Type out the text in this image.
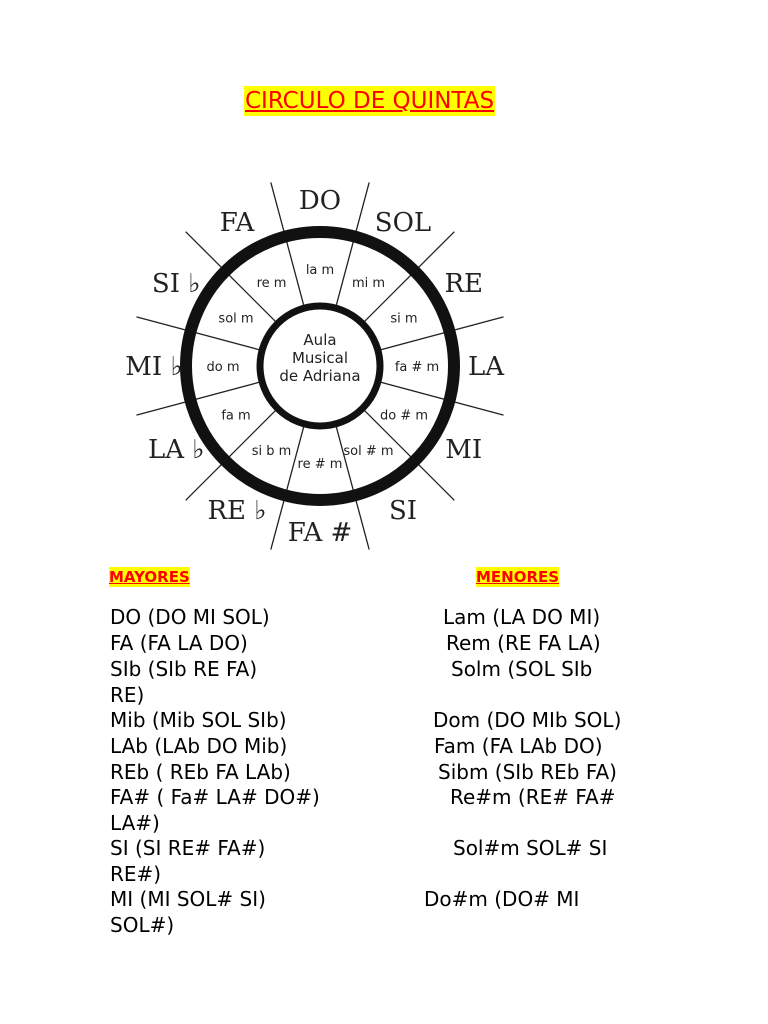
CIRCULO DE QUINTAS
DO
SOL
RE
LA
MI
SI
FA #
RE ♭
LA ♭
MI ♭
SI ♭
FA
la m
mi m
si m
fa # m
do # m
sol # m
re # m
si b m
fa m
do m
sol m
re m
Aula
Musical
de Adriana
MAYORES	MENORES
DO (DO MI SOL)
FA (FA LA DO)
SIb (SIb RE FA)
RE)
Mib (Mib SOL SIb)
LAb (LAb DO Mib)
REb ( REb FA LAb)
FA# ( Fa# LA# DO#)
LA#)
SI (SI RE# FA#)
RE#)
MI (MI SOL# SI)
SOL#)
Lam (LA DO MI)
Rem (RE FA LA)
Solm (SOL SIb
Dom (DO MIb SOL)
Fam (FA LAb DO)
Sibm (SIb REb FA)
Re#m (RE# FA#
Sol#m SOL# SI
Do#m (DO# MI
